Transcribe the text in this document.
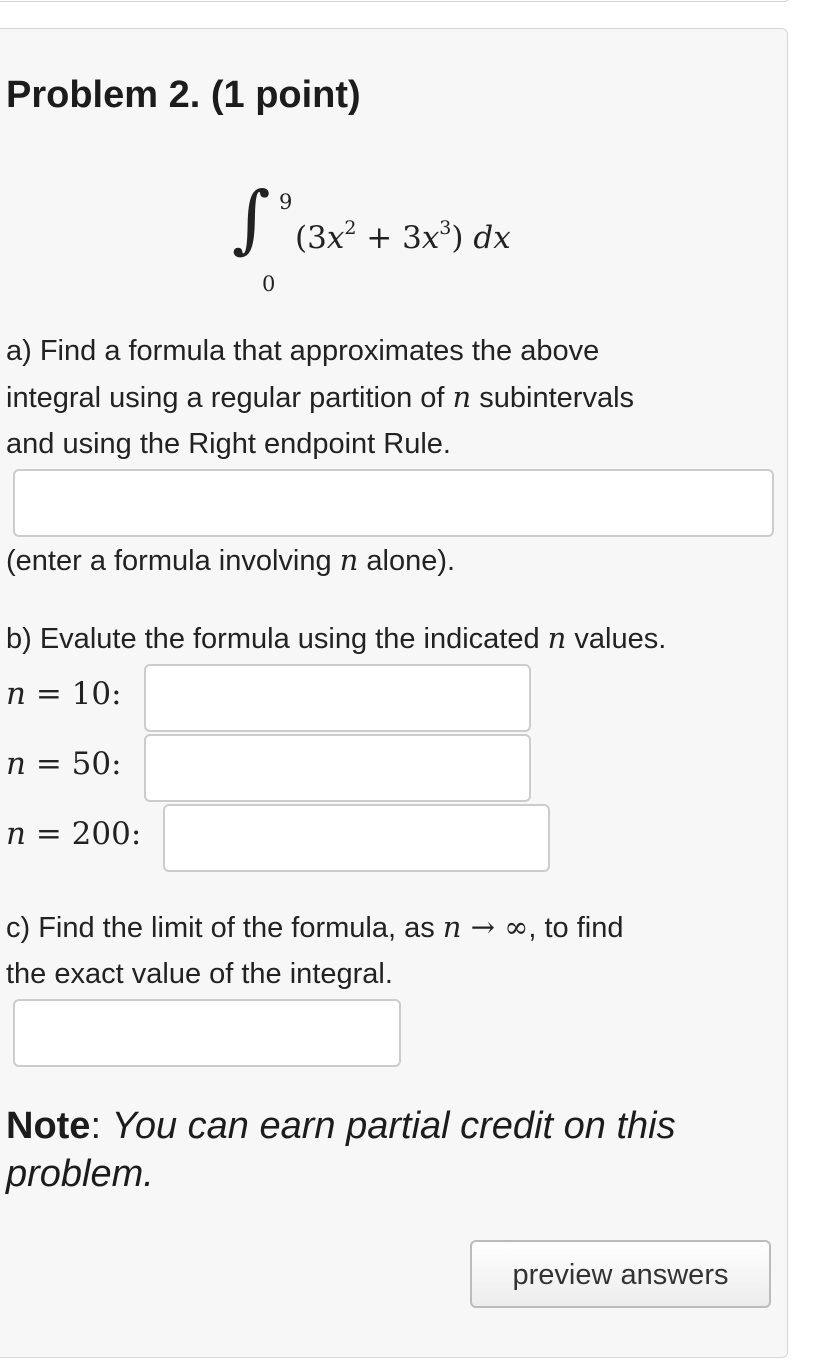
Problem 2. (1 point)
∫ 9
0
$(3x^2 + 3x^3)$ dx
a) Find a formula that approximates the above
integral using a regular partition of n subintervals
and using the Right endpoint Rule.
(enter a formula involving n alone).
b) Evalute the formula using the indicated n values.
n = 10:
n = 50:
n = 200:
c) Find the limit of the formula, as n → ∞, to find
the exact value of the integral.
Note: You can earn partial credit on this
problem.
preview answers
